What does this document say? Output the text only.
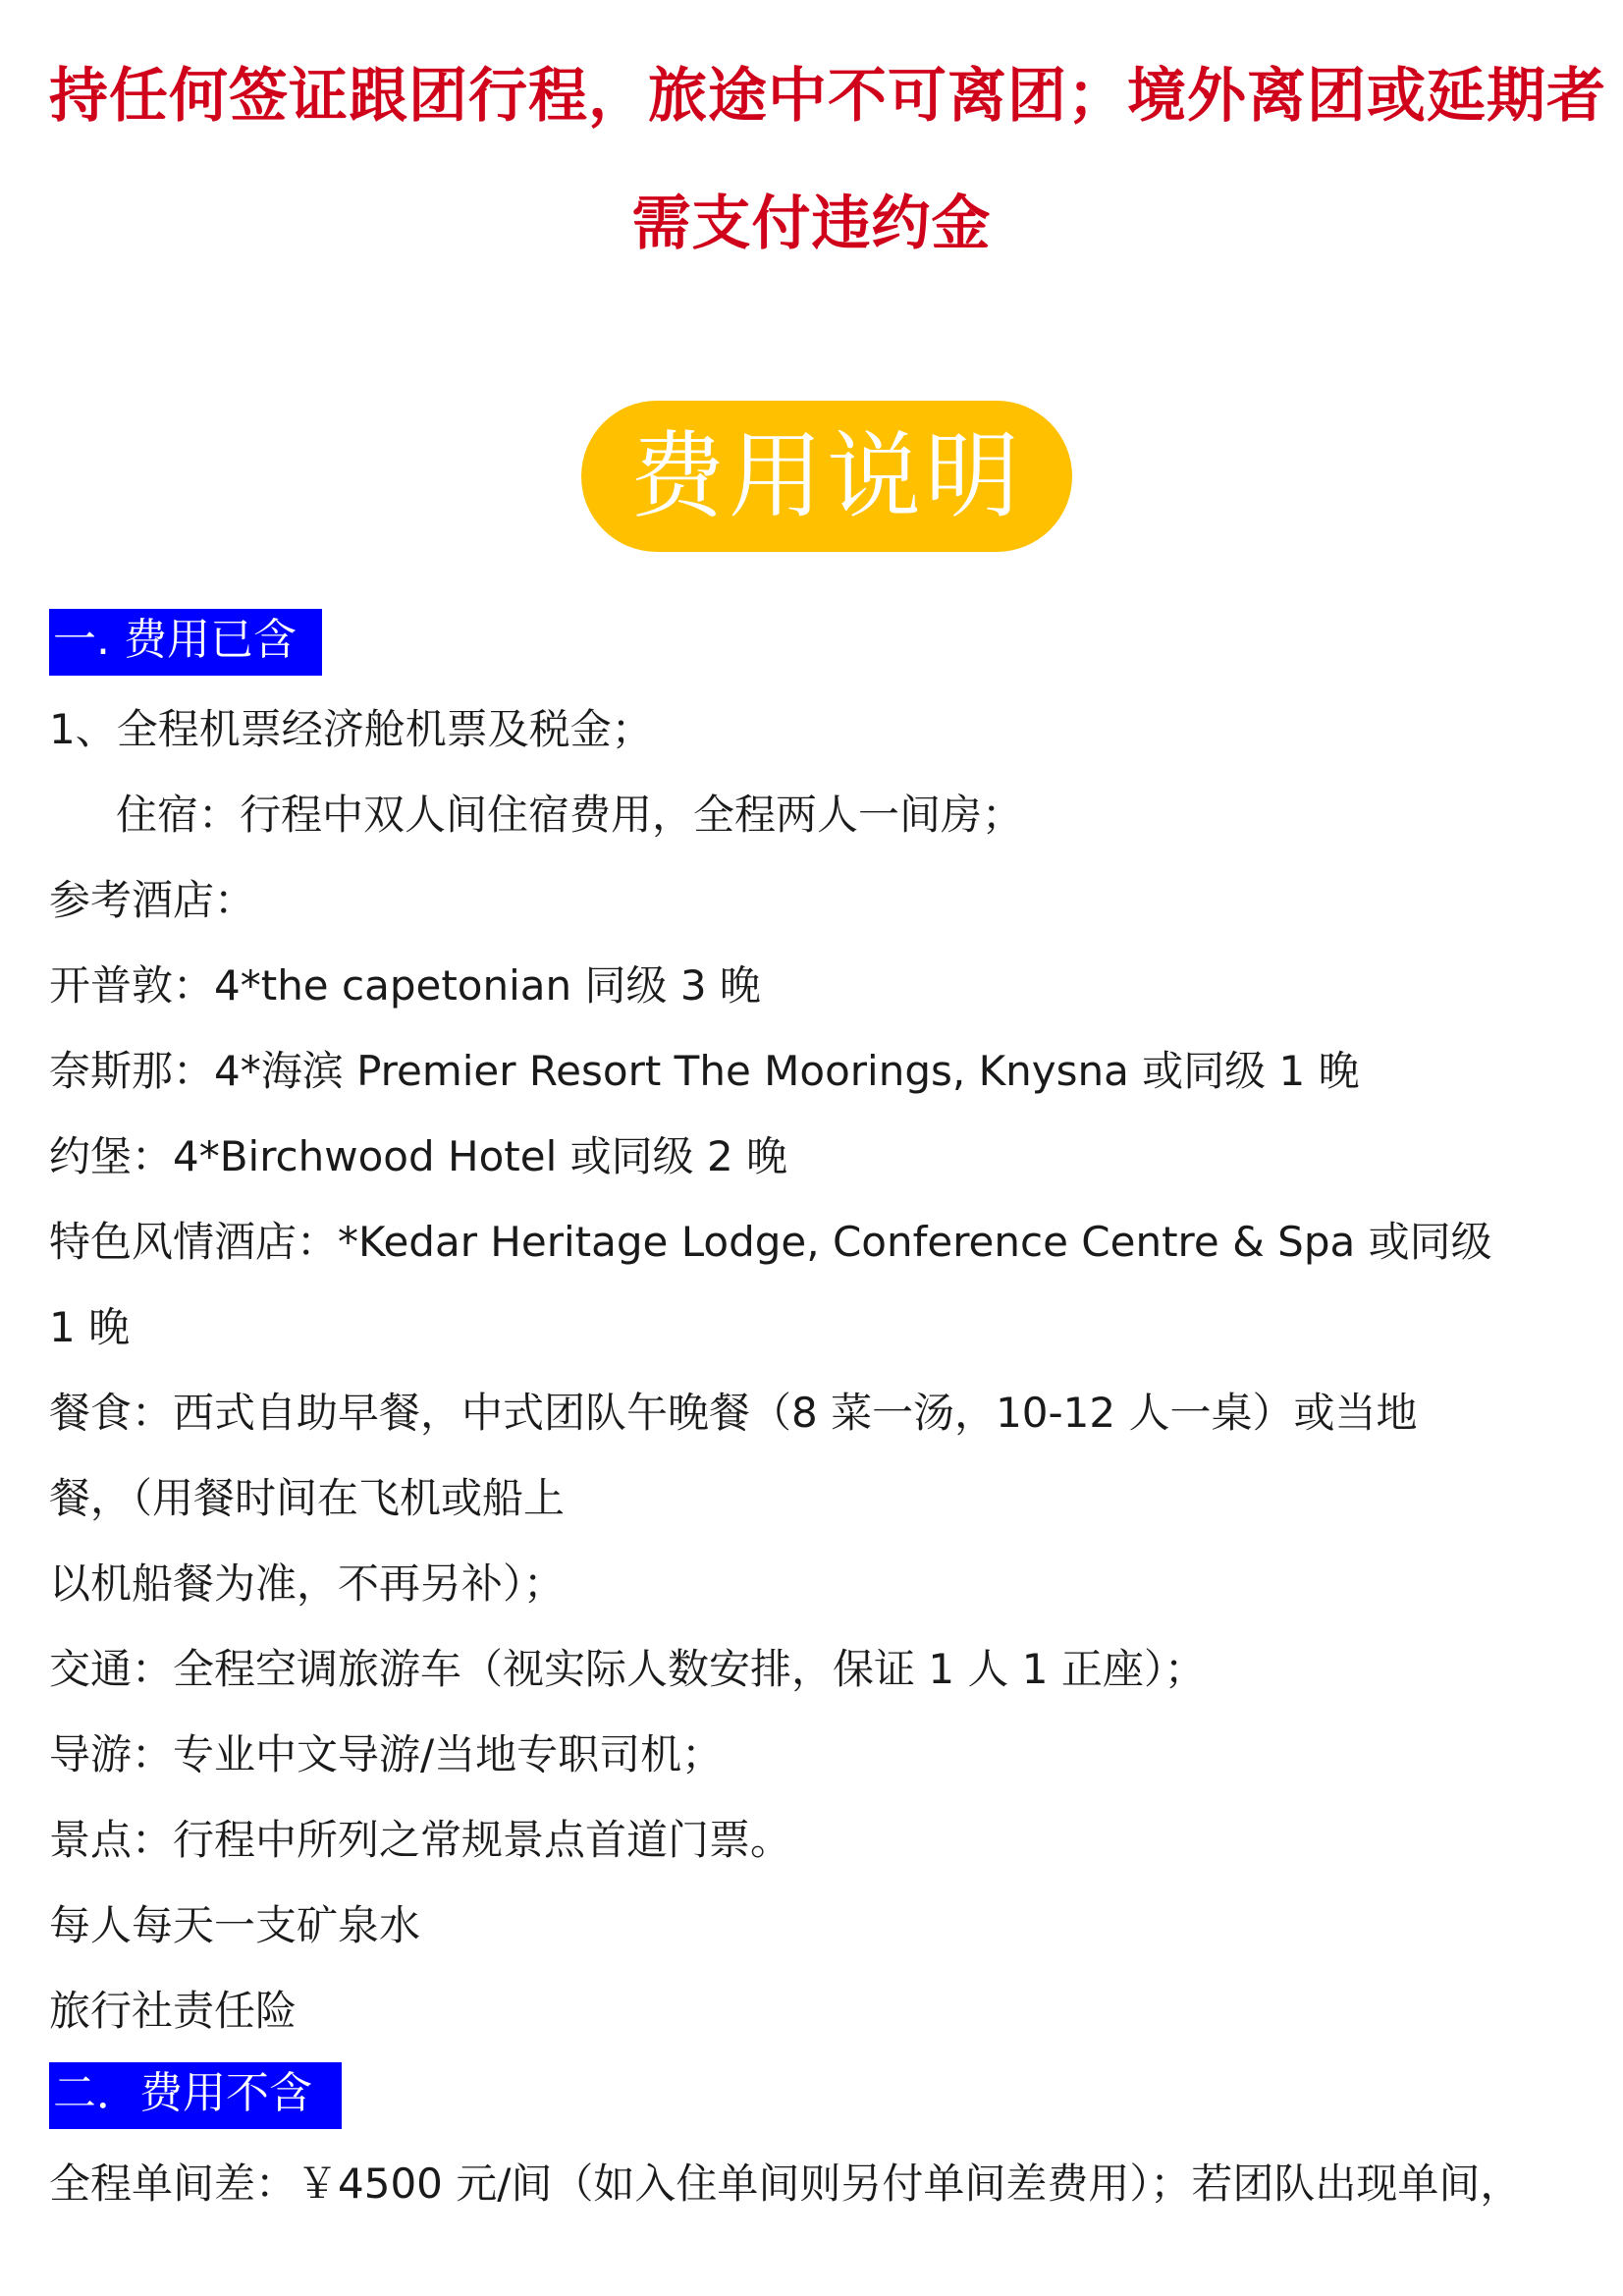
持任何签证跟团行程，旅途中不可离团；境外离团或延期者
需支付违约金
费用说明
一. 费用已含
1、全程机票经济舱机票及税金；
住宿：行程中双人间住宿费用，全程两人一间房；
参考酒店：
开普敦：4*the capetonian 同级 3 晚
奈斯那：4*海滨 Premier Resort The Moorings, Knysna 或同级 1 晚
约堡：4*Birchwood Hotel 或同级 2 晚
特色风情酒店：*Kedar Heritage Lodge, Conference Centre & Spa 或同级
1 晚
餐食：西式自助早餐，中式团队午晚餐（8 菜一汤，10-12 人一桌）或当地
餐，（用餐时间在飞机或船上
以机船餐为准，不再另补）；
交通：全程空调旅游车（视实际人数安排，保证 1 人 1 正座）；
导游：专业中文导游/当地专职司机；
景点：行程中所列之常规景点首道门票。
每人每天一支矿泉水
旅行社责任险
二．费用不含
全程单间差：￥4500 元/间（如入住单间则另付单间差费用）；若团队出现单间，
